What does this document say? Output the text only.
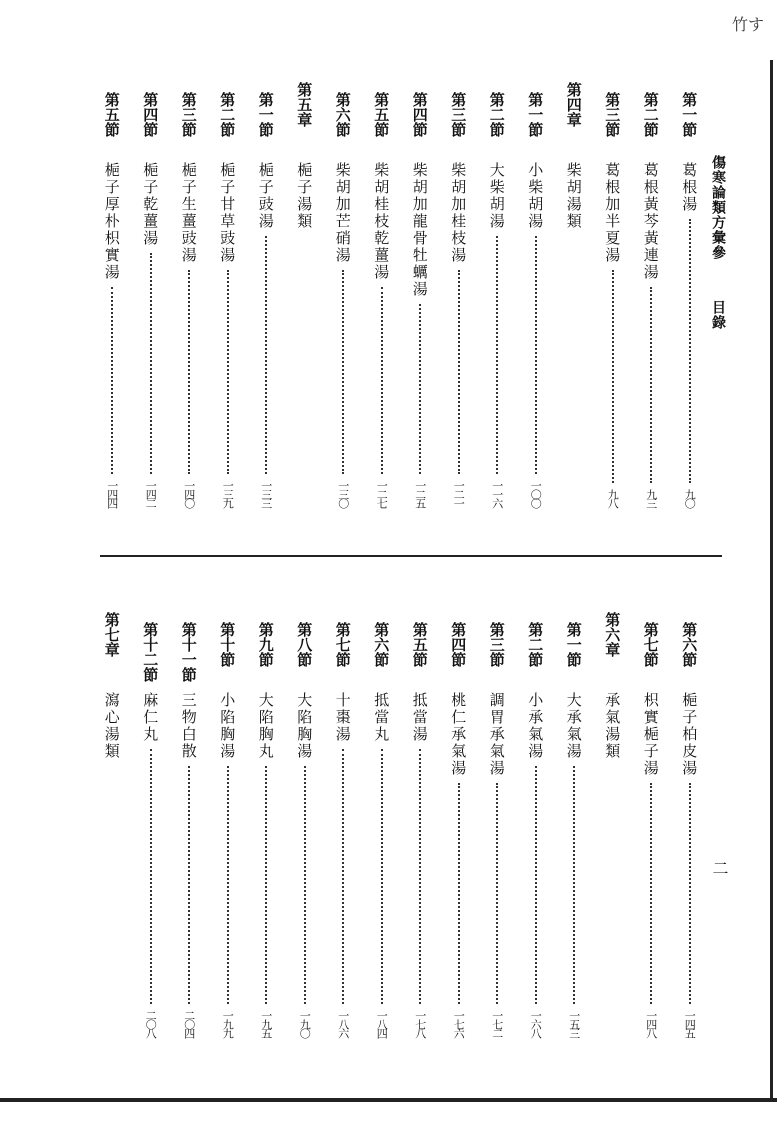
竹す
傷寒論類方彙參目錄
二
第一節
葛根湯
九〇
第二節
葛根黃芩黃連湯
九三
第三節
葛根加半夏湯
九八
第四章
柴胡湯類
第一節
小柴胡湯
一〇〇
第二節
大柴胡湯
一一六
第三節
柴胡加桂枝湯
一二一
第四節
柴胡加龍骨牡蠣湯
一二五
第五節
柴胡桂枝乾薑湯
一二七
第六節
柴胡加芒硝湯
一三〇
第五章
梔子湯類
第一節
梔子豉湯
一三三
第二節
梔子甘草豉湯
一三九
第三節
梔子生薑豉湯
一四〇
第四節
梔子乾薑湯
一四二
第五節
梔子厚朴枳實湯
一四四
第六節
梔子柏皮湯
一四五
第七節
枳實梔子湯
一四八
第六章
承氣湯類
第一節
大承氣湯
一五三
第二節
小承氣湯
一六八
第三節
調胃承氣湯
一七二
第四節
桃仁承氣湯
一七六
第五節
抵當湯
一七八
第六節
抵當丸
一八四
第七節
十棗湯
一八六
第八節
大陷胸湯
一九〇
第九節
大陷胸丸
一九五
第十節
小陷胸湯
一九九
第十一節
三物白散
二〇四
第十二節
麻仁丸
二〇八
第七章
瀉心湯類
